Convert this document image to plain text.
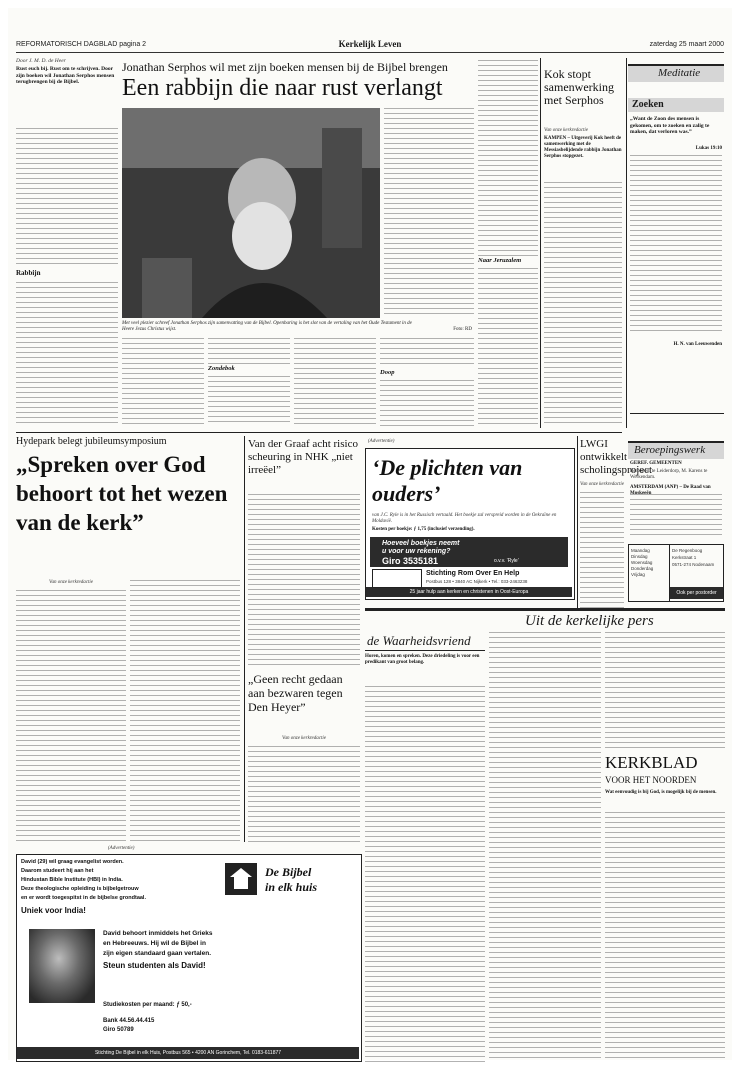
REFORMATORISCH DAGBLAD pagina 2	Kerkelijk Leven	zaterdag 25 maart 2000
Door J. M. D. de Heer
Rust euch bij. Rust om te schrijven. Door zijn boeken wil Jonathan Serphos mensen terugbrengen bij de Bijbel.
Rabbijn
Jonathan Serphos wil met zijn boeken mensen bij de Bijbel brengen
Een rabbijn die naar rust verlangt
Met veel plezier schreef Jonathan Serphos zijn samenvatting van de Bijbel. Openbaring is het slot van de vertaling van het Oude Testament in de Heere Jezus Christus wijst.	Foto: RD
Zondebok
Doop
Naar Jeruzalem
Kok stopt samenwerking met Serphos
Van onze kerkredactie
KAMPEN – Uitgeverij Kok heeft de samenwerking met de Messiasbelijdende rabbijn Jonathan Serphos stopgezet.
Meditatie
Zoeken
„Want de Zoon des mensen is gekomen, om te zoeken en zalig te maken, dat verloren was.”
Lukas 19:10
H. N. van Leeuwenden
Beroepingswerk
GEREF. GEMEENTEN
Beroepen: te Leiderdorp, M. Karens te Werkendam.
AMSTERDAM (ANP) – De Raad van Moskeeën
Maandag
Dinsdag
Woensdag
Donderdag
Vrijdag
De Regenboog
Kerkstraat 1
0571-274 Nodenaam
Ook per postorder
Hydepark belegt jubileumsymposium
„Spreken over God behoort tot het wezen van de kerk”
Van onze kerkredactie
Van der Graaf acht risico scheuring in NHK „niet irreëel”
„Geen recht gedaan aan bezwaren tegen Den Heyer”
Van onze kerkredactie
(Advertentie)
‘De plichten van ouders’
van J.C. Ryle is in het Russisch vertaald. Het boekje zal verspreid worden in de Oekraïne en Moldavië.
Kosten per boekje: ƒ 1,75 (inclusief verzending).
Hoeveel boekjes neemt
u voor uw rekening?
Giro 3535181	o.v.v. ‘Ryle’
Stichting Rom Over En Help
Postbus 128 • 3840 AC Nijkerk • Tel.: 033-2463238
25 jaar hulp aan kerken en christenen in Oost-Europa
LWGI ontwikkelt scholingsproject
Van onze kerkredactie
Uit de kerkelijke pers
de Waarheidsvriend
Horen, komen en spreken. Deze driedeling is voor een predikant van groot belang.
KERKBLAD
VOOR HET NOORDEN
Wat eenvoudig is bij God, is mogelijk bij de mensen.
(Advertentie)
David (29) wil graag evangelist worden.
Daarom studeert hij aan het
Hindustan Bible Institute (HBI) in India.
Deze theologische opleiding is bijbelgetrouw
en er wordt toegespitst in de bijbelse grondtaal.
Uniek voor India!
De Bijbel
in elk huis
David behoort inmiddels het Grieks
en Hebreeuws. Hij wil de Bijbel in
zijn eigen standaard gaan vertalen.
Steun studenten als David!
Studiekosten per maand: ƒ 50,-
Bank 44.56.44.415
Giro 50789
Stichting De Bijbel in elk Huis, Postbus 565 • 4200 AN Gorinchem, Tel. 0183-611877
